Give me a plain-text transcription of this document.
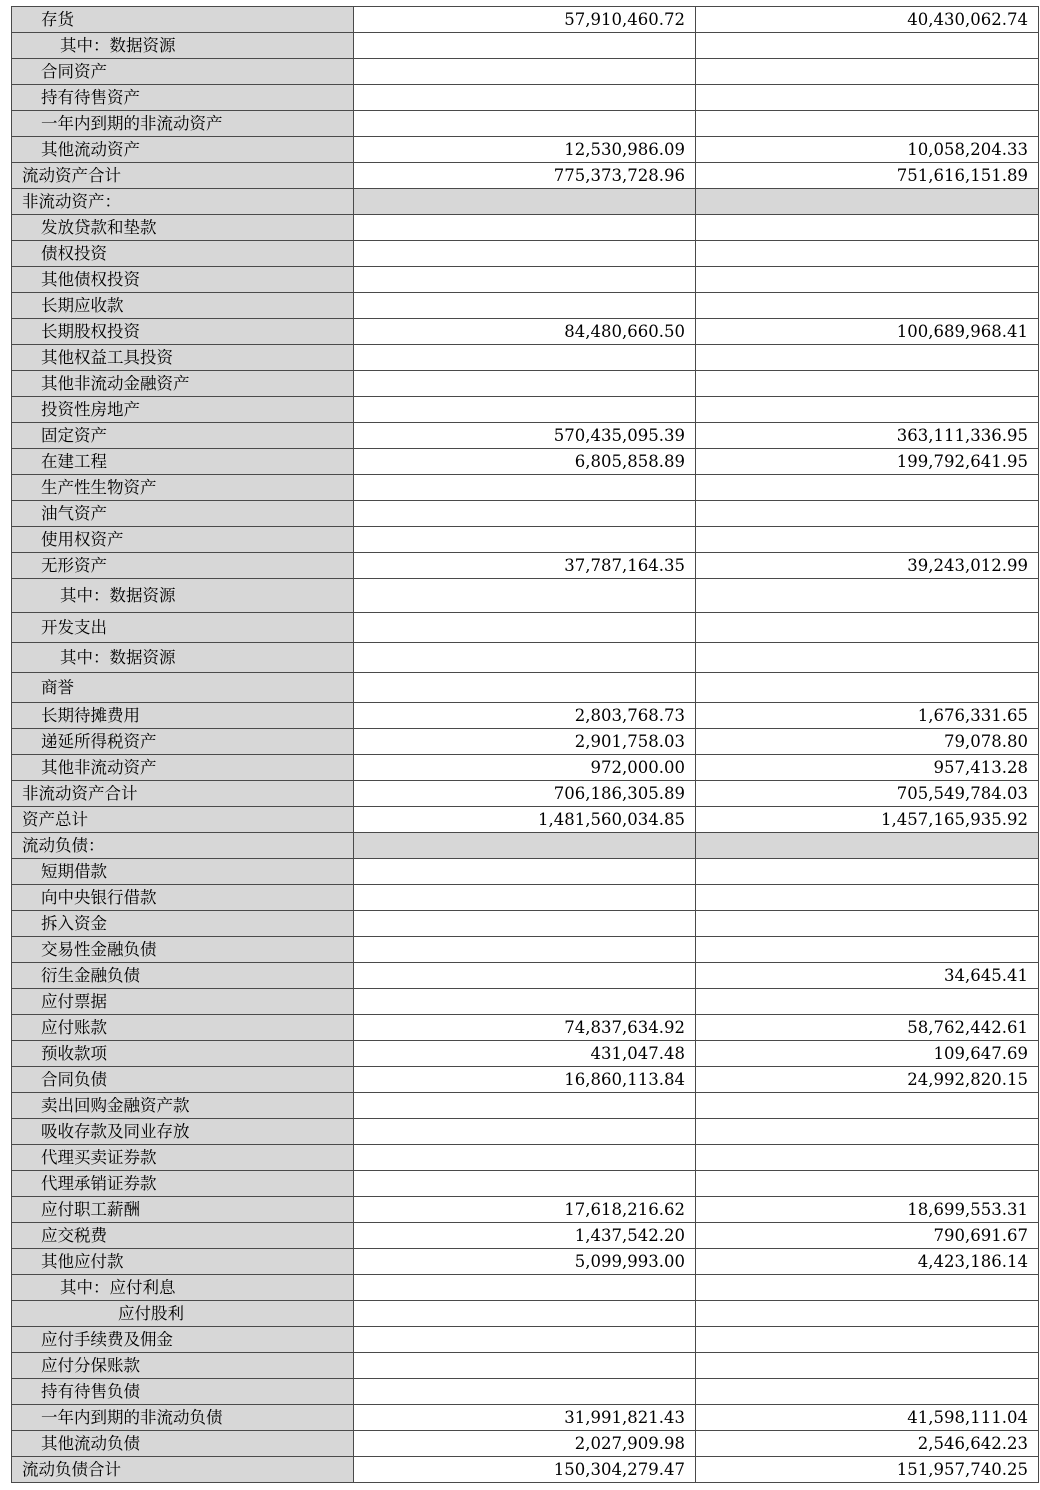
存货	57,910,460.72	40,430,062.74
其中：数据资源		
合同资产		
持有待售资产		
一年内到期的非流动资产		
其他流动资产	12,530,986.09	10,058,204.33
流动资产合计	775,373,728.96	751,616,151.89
非流动资产：		
发放贷款和垫款		
债权投资		
其他债权投资		
长期应收款		
长期股权投资	84,480,660.50	100,689,968.41
其他权益工具投资		
其他非流动金融资产		
投资性房地产		
固定资产	570,435,095.39	363,111,336.95
在建工程	6,805,858.89	199,792,641.95
生产性生物资产		
油气资产		
使用权资产		
无形资产	37,787,164.35	39,243,012.99
其中：数据资源		
开发支出		
其中：数据资源		
商誉		
长期待摊费用	2,803,768.73	1,676,331.65
递延所得税资产	2,901,758.03	79,078.80
其他非流动资产	972,000.00	957,413.28
非流动资产合计	706,186,305.89	705,549,784.03
资产总计	1,481,560,034.85	1,457,165,935.92
流动负债：		
短期借款		
向中央银行借款		
拆入资金		
交易性金融负债		
衍生金融负债		34,645.41
应付票据		
应付账款	74,837,634.92	58,762,442.61
预收款项	431,047.48	109,647.69
合同负债	16,860,113.84	24,992,820.15
卖出回购金融资产款		
吸收存款及同业存放		
代理买卖证券款		
代理承销证券款		
应付职工薪酬	17,618,216.62	18,699,553.31
应交税费	1,437,542.20	790,691.67
其他应付款	5,099,993.00	4,423,186.14
其中：应付利息		
应付股利		
应付手续费及佣金		
应付分保账款		
持有待售负债		
一年内到期的非流动负债	31,991,821.43	41,598,111.04
其他流动负债	2,027,909.98	2,546,642.23
流动负债合计	150,304,279.47	151,957,740.25
